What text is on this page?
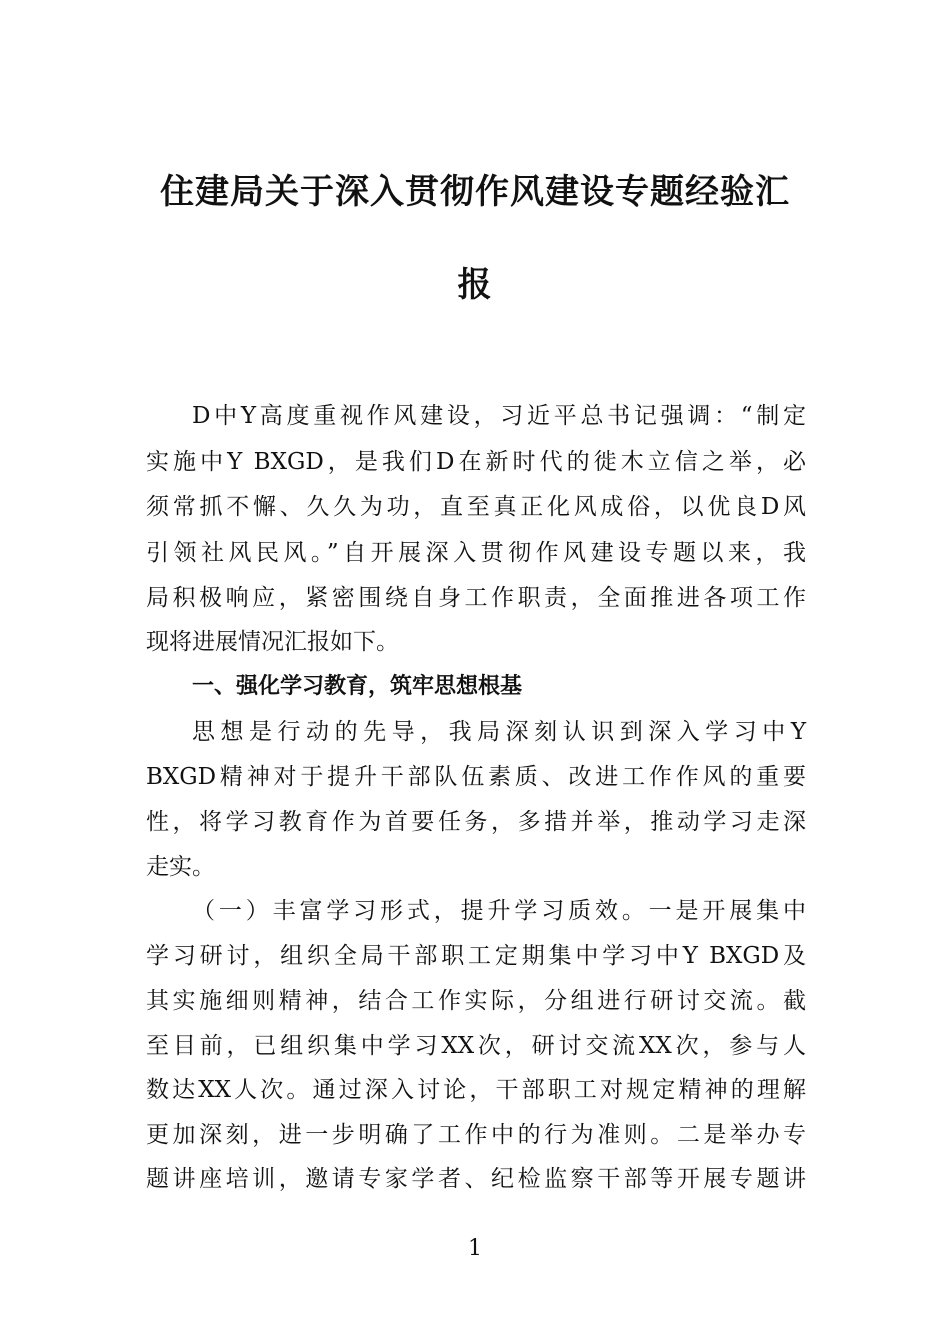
住建局关于深入贯彻作风建设专题经验汇
报
D中Y高度重视作风建设，习近平总书记强调：“制定
实施中Y BXGD，是我们D在新时代的徙木立信之举，必
须常抓不懈、久久为功，直至真正化风成俗，以优良D风
引领社风民风。”自开展深入贯彻作风建设专题以来，我
局积极响应，紧密围绕自身工作职责，全面推进各项工作
现将进展情况汇报如下。
一、强化学习教育，筑牢思想根基
思想是行动的先导，我局深刻认识到深入学习中Y
BXGD精神对于提升干部队伍素质、改进工作作风的重要
性，将学习教育作为首要任务，多措并举，推动学习走深
走实。
（一）丰富学习形式，提升学习质效。一是开展集中
学习研讨，组织全局干部职工定期集中学习中Y BXGD及
其实施细则精神，结合工作实际，分组进行研讨交流。截
至目前，已组织集中学习XX次，研讨交流XX次，参与人
数达XX人次。通过深入讨论，干部职工对规定精神的理解
更加深刻，进一步明确了工作中的行为准则。二是举办专
题讲座培训，邀请专家学者、纪检监察干部等开展专题讲
1
